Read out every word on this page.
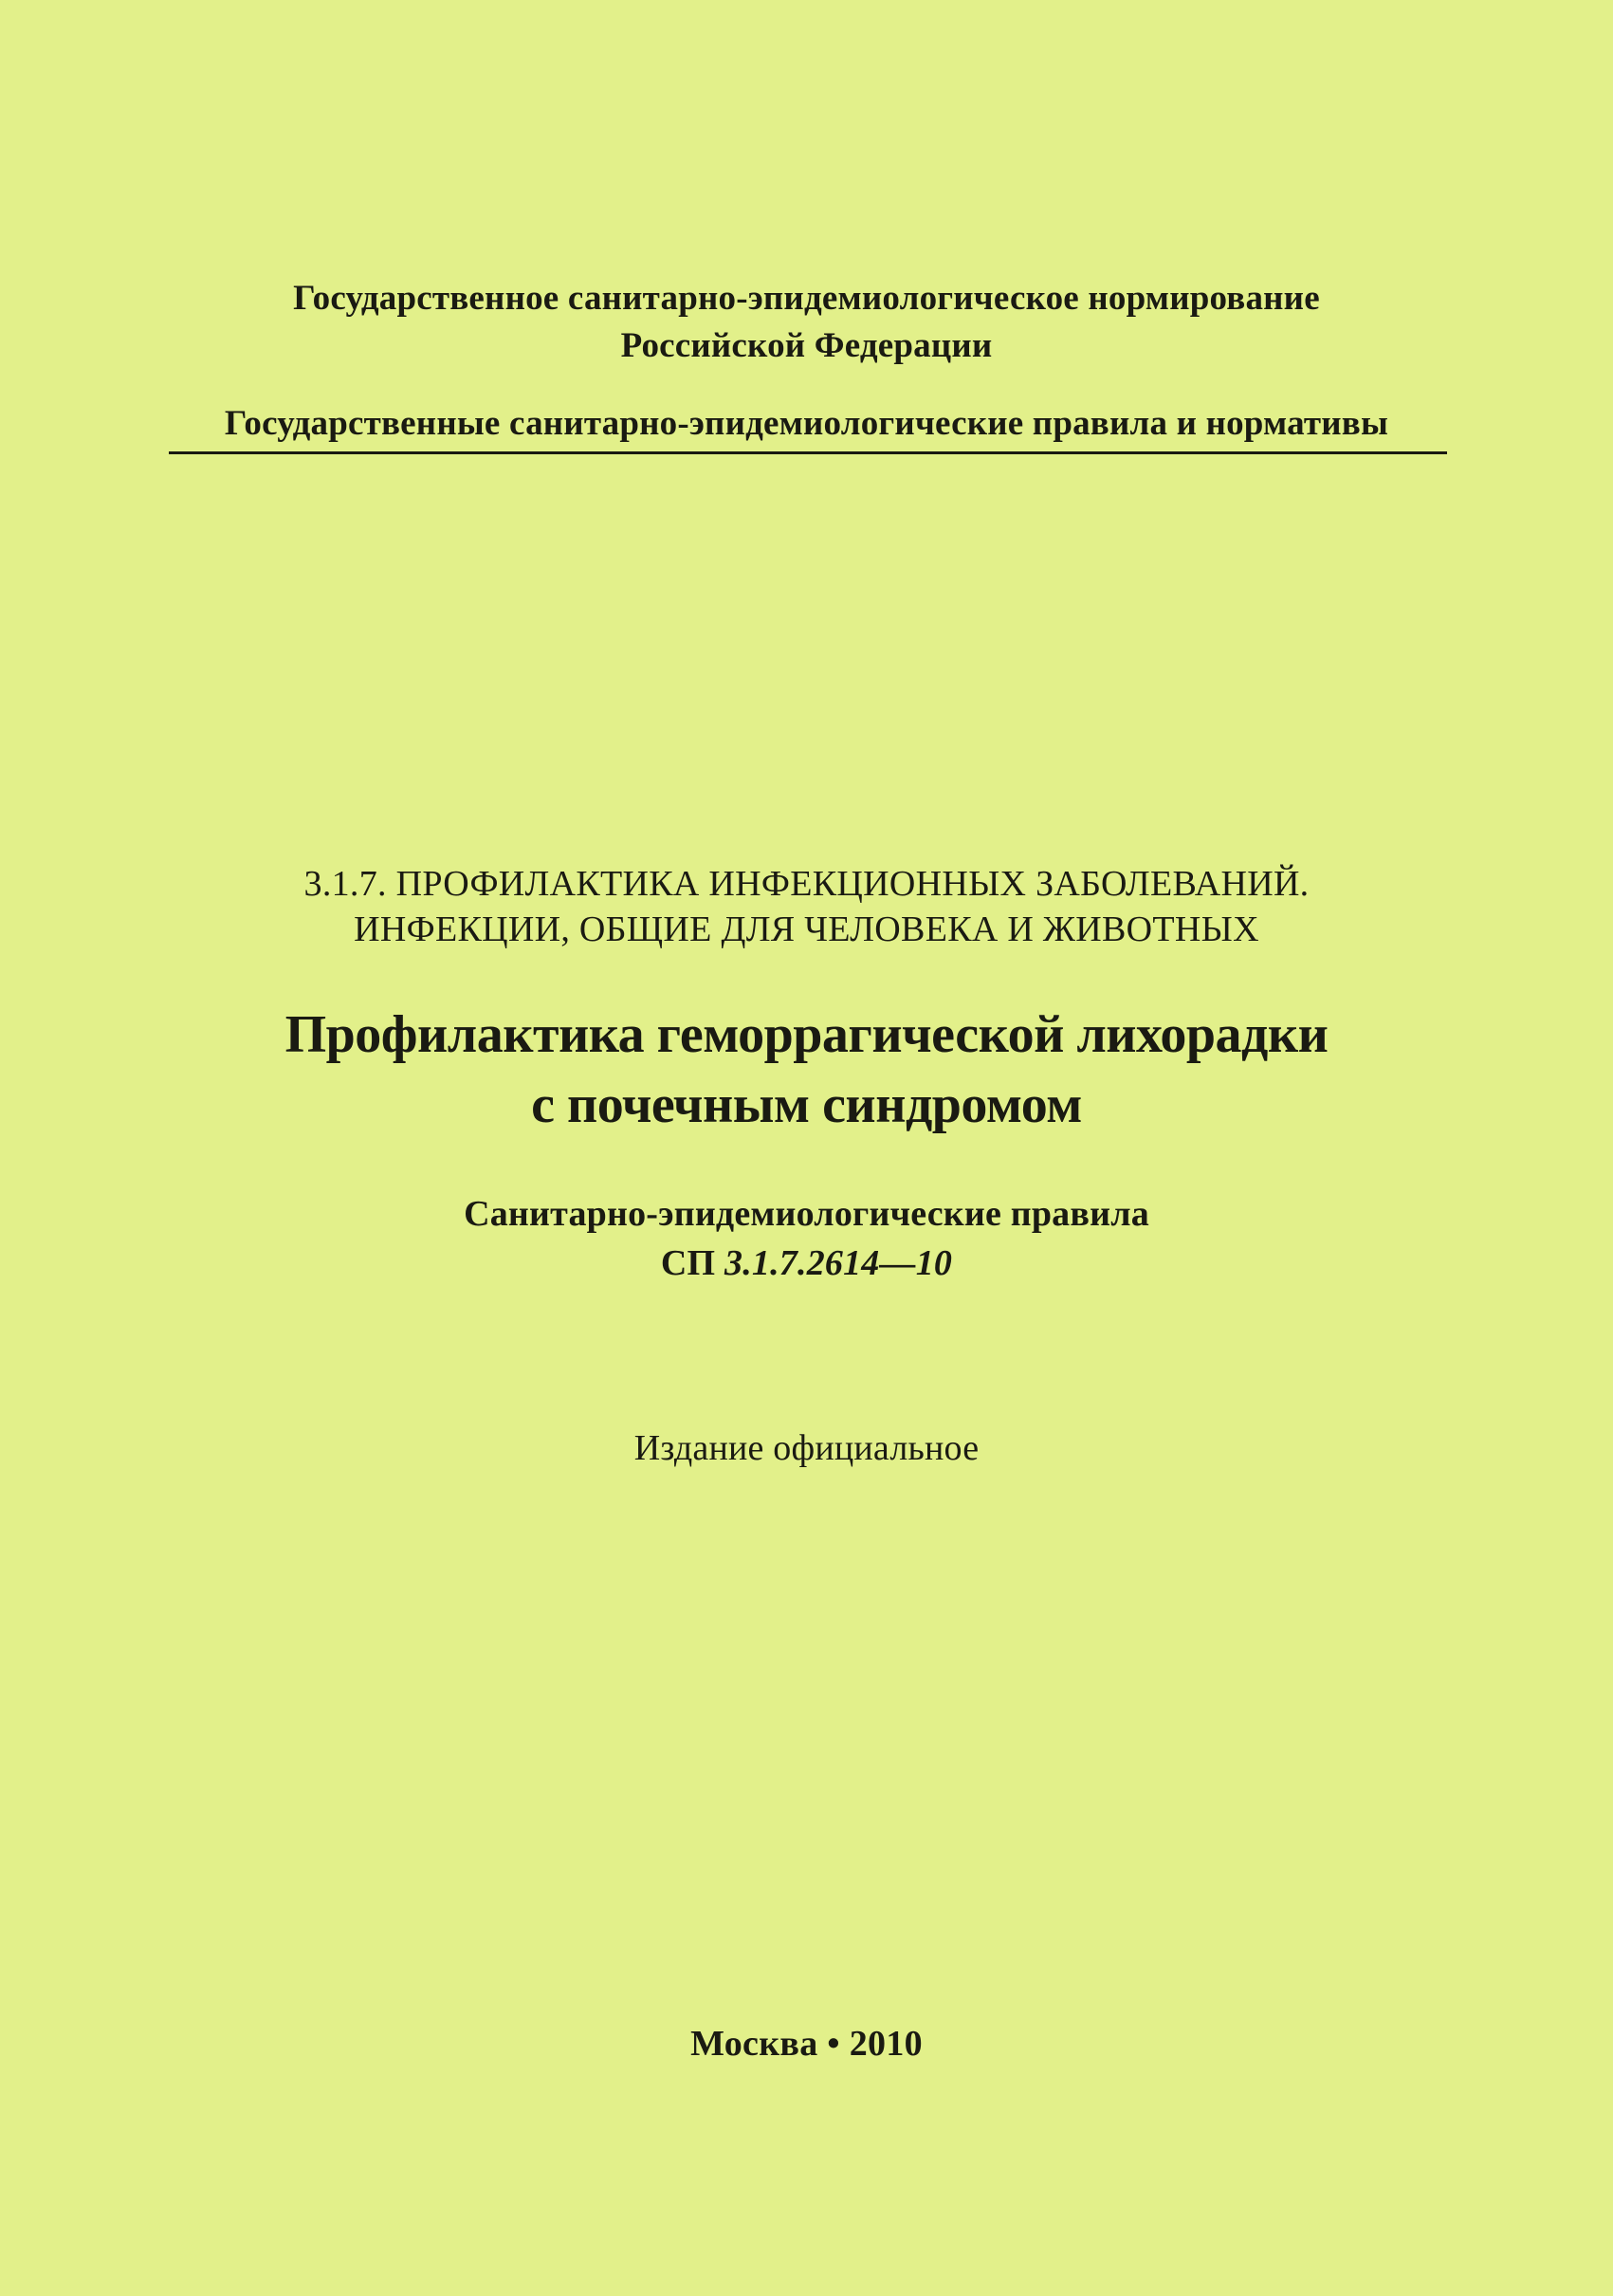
Государственное санитарно-эпидемиологическое нормирование
Российской Федерации
Государственные санитарно-эпидемиологические правила и нормативы
3.1.7. ПРОФИЛАКТИКА ИНФЕКЦИОННЫХ ЗАБОЛЕВАНИЙ.
ИНФЕКЦИИ, ОБЩИЕ ДЛЯ ЧЕЛОВЕКА И ЖИВОТНЫХ
Профилактика геморрагической лихорадки
с почечным синдромом
Санитарно-эпидемиологические правила
СП 3.1.7.2614—10
Издание официальное
Москва • 2010
